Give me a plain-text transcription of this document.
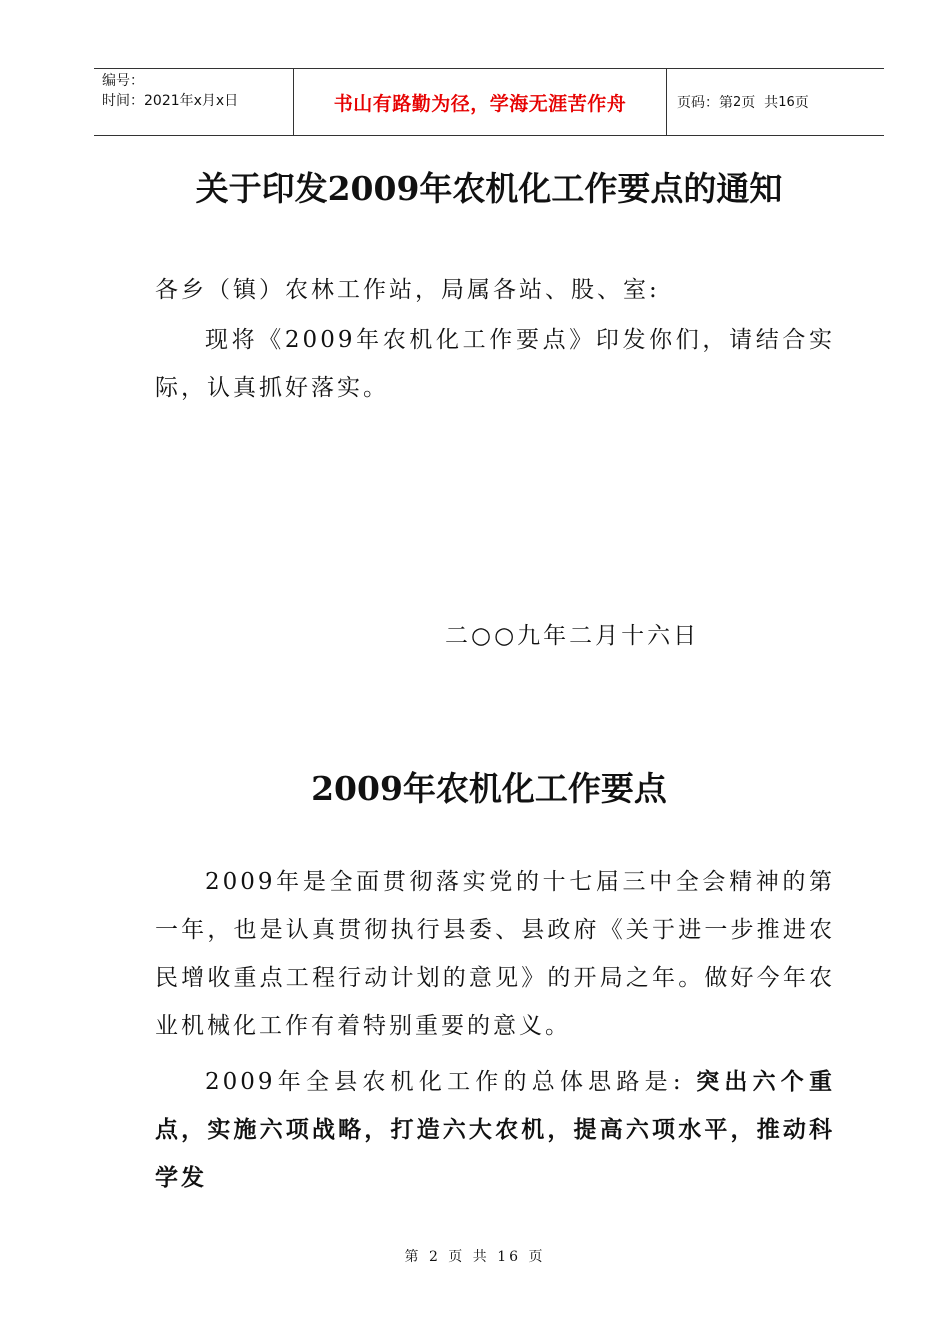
编号：
时间：2021年x月x日	书山有路勤为径，学海无涯苦作舟	页码：第 2 页  共 16 页
关于印发2009年农机化工作要点的通知
各乡（镇）农林工作站，局属各站、股、室:
现将《2009年农机化工作要点》印发你们，请结合实际，认真抓好落实。
二○○九年二月十六日
2009年农机化工作要点
2009年是全面贯彻落实党的十七届三中全会精神的第一年，也是认真贯彻执行县委、县政府《关于进一步推进农民增收重点工程行动计划的意见》的开局之年。做好今年农业机械化工作有着特别重要的意义。
2009年全县农机化工作的总体思路是: 突出六个重点，实施六项战略，打造六大农机，提高六项水平，推动科学发
第 2 页 共 16 页
